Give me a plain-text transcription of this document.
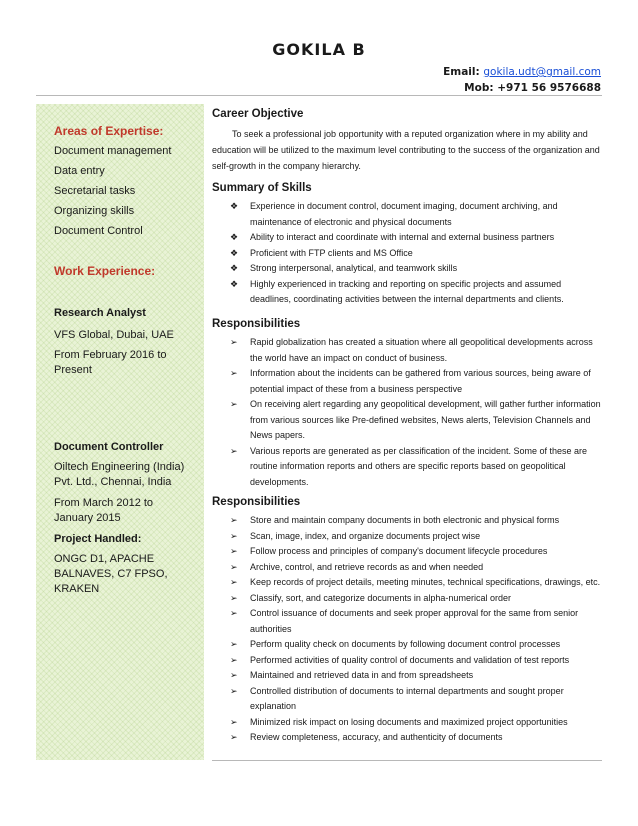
GOKILA B
Email: gokila.udt@gmail.com
Mob: +971 56 9576688
Areas of Expertise:
Document management
Data entry
Secretarial tasks
Organizing skills
Document Control
Work Experience:
Research Analyst
VFS Global, Dubai, UAE
From February 2016 to Present
Document Controller
Oiltech Engineering (India) Pvt. Ltd., Chennai, India
From March 2012 to January 2015
Project Handled:
ONGC D1, APACHE BALNAVES, C7 FPSO, KRAKEN
Career Objective
To seek a professional job opportunity with a reputed organization where in my ability and education will be utilized to the maximum level contributing to the success of the organization and self-growth in the company hierarchy.
Summary of Skills
❖ Experience in document control, document imaging, document archiving, and maintenance of electronic and physical documents
❖ Ability to interact and coordinate with internal and external business partners
❖ Proficient with FTP clients and MS Office
❖ Strong interpersonal, analytical, and teamwork skills
❖ Highly experienced in tracking and reporting on specific projects and assumed deadlines, coordinating activities between the internal departments and clients.
Responsibilities
➢ Rapid globalization has created a situation where all geopolitical developments across the world have an impact on conduct of business.
➢ Information about the incidents can be gathered from various sources, being aware of potential impact of these from a business perspective
➢ On receiving alert regarding any geopolitical development, will gather further information from various sources like Pre-defined websites, News alerts, Television Channels and News papers.
➢ Various reports are generated as per classification of the incident. Some of these are routine information reports and others are specific reports based on geopolitical developments.
Responsibilities
➢ Store and maintain company documents in both electronic and physical forms
➢ Scan, image, index, and organize documents project wise
➢ Follow process and principles of company's document lifecycle procedures
➢ Archive, control, and retrieve records as and when needed
➢ Keep records of project details, meeting minutes, technical specifications, drawings, etc.
➢ Classify, sort, and categorize documents in alpha-numerical order
➢ Control issuance of documents and seek proper approval for the same from senior authorities
➢ Perform quality check on documents by following document control processes
➢ Performed activities of quality control of documents and validation of test reports
➢ Maintained and retrieved data in and from spreadsheets
➢ Controlled distribution of documents to internal departments and sought proper explanation
➢ Minimized risk impact on losing documents and maximized project opportunities
➢ Review completeness, accuracy, and authenticity of documents
